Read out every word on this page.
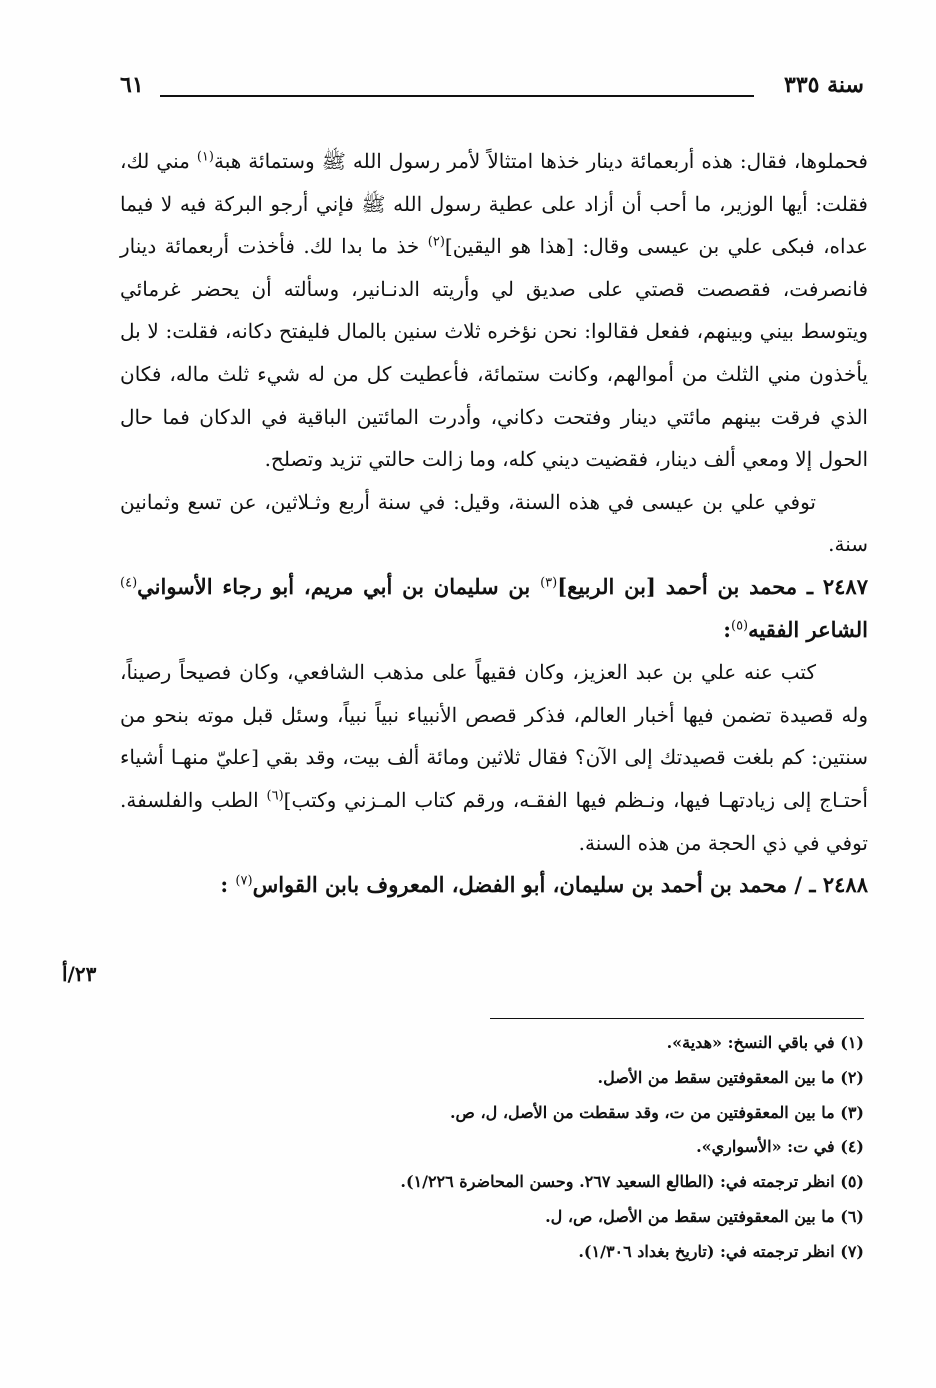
سنة ٣٣٥
٦١

فحملوها، فقال: هذه أربعمائة دينار خذها امتثالاً لأمر رسول الله ﷺ وستمائة هبة$^{(١)}$ مني لك، فقلت: أيها الوزير، ما أحب أن أزاد على عطية رسول الله ﷺ فإني أرجو البركة فيه لا فيما عداه، فبكى علي بن عيسى وقال: [هذا هو اليقين]$^{(٢)}$ خذ ما بدا لك. فأخذت أربعمائة دينار فانصرفت، فقصصت قصتي على صديق لي وأريته الدنـانير، وسألته أن يحضر غرمائي ويتوسط بيني وبينهم، ففعل فقالوا: نحن نؤخره ثلاث سنين بالمال فليفتح دكانه، فقلت: لا بل يأخذون مني الثلث من أموالهم، وكانت ستمائة، فأعطيت كل من له شيء ثلث ماله، فكان الذي فرقت بينهم مائتي دينار وفتحت دكاني، وأدرت المائتين الباقية في الدكان فما حال الحول إلا ومعي ألف دينار، فقضيت ديني كله، وما زالت حالتي تزيد وتصلح.

توفي علي بن عيسى في هذه السنة، وقيل: في سنة أربع وثـلاثين، عن تسع وثمانين سنة.

٢٤٨٧ ـ محمد بن أحمد [بن الربيع]$^{(٣)}$ بن سليمان بن أبي مريم، أبو رجاء الأسواني$^{(٤)}$ الشاعر الفقيه$^{(٥)}$:

كتب عنه علي بن عبد العزيز، وكان فقيهاً على مذهب الشافعي، وكان فصيحاً رصيناً، وله قصيدة تضمن فيها أخبار العالم، فذكر قصص الأنبياء نبياً نبياً، وسئل قبل موته بنحو من سنتين: كم بلغت قصيدتك إلى الآن؟ فقال ثلاثين ومائة ألف بيت، وقد بقي [عليّ منهـا أشياء أحتـاج إلى زيادتهـا فيها، ونـظم فيها الفقـه، ورقم كتاب المـزني وكتب]$^{(٦)}$ الطب والفلسفة. توفي في ذي الحجة من هذه السنة.

٢٤٨٨ ـ / محمد بن أحمد بن سليمان، أبو الفضل، المعروف بابن القواس$^{(٧)}$ :

٢٣/أ
(١) في باقي النسخ: «هدية».
(٢) ما بين المعقوفتين سقط من الأصل.
(٣) ما بين المعقوفتين من ت، وقد سقطت من الأصل، ل، ص.
(٤) في ت: «الأسواري».
(٥) انظر ترجمته في: (الطالع السعيد ٢٦٧. وحسن المحاضرة ١/٢٢٦).
(٦) ما بين المعقوفتين سقط من الأصل، ص، ل.
(٧) انظر ترجمته في: (تاريخ بغداد ١/٣٠٦).
